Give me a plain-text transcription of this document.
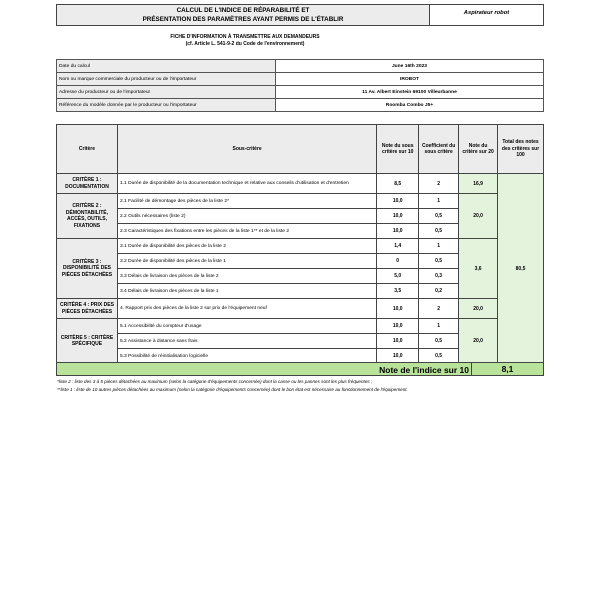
CALCUL DE L'INDICE DE RÉPARABILITÉ ET
PRÉSENTATION DES PARAMÈTRES AYANT PERMIS DE L'ÉTABLIR
Aspirateur robot
FICHE D'INFORMATION À TRANSMETTRE AUX DEMANDEURS
(cf. Article L. 541-9-2 du Code de l'environnement)
Date du calcul	June 16th 2023
Nom ou marque commerciale du producteur ou de l'importateur	IROBOT
Adresse du producteur ou de l'importateur	11 Av. Albert Einstein 69100 Villeurbanne
Référence du modèle donnée par le producteur ou l'importateur	Roomba Combo J5+
Critère	Sous-critère	Note du sous critère sur 10	Coefficient du sous critère	Note du critère sur 20	Total des notes des critères sur 100
CRITÈRE 1 : DOCUMENTATION	1.1 Durée de disponibilité de la documentation technique et relative aux conseils d'utilisation et d'entretien	8,5	2	16,9	80,5
CRITÈRE 2 : DÉMONTABILITÉ, ACCÈS, OUTILS, FIXATIONS	2.1 Facilité de démontage des pièces de la liste 2*	10,0	1	20,0	
	2.2 Outils nécessaires (liste 2)	10,0	0,5		
	2.3 Caractéristiques des fixations entre les pièces de la liste 1** et de la liste 2	10,0	0,5		
CRITÈRE 3 : DISPONIBILITÉ DES PIÈCES DÉTACHÉES	3.1 Durée de disponibilité des pièces de la liste 2	1,4	1	3,6	
	3.2 Durée de disponibilité des pièces de la liste 1	0	0,5		
	3.3 Délais de livraison des pièces de la liste 2	5,0	0,3		
	3.4 Délais de livraison des pièces de la liste 1	3,5	0,2		
CRITÈRE 4 : PRIX DES PIÈCES DÉTACHÉES	4. Rapport prix des pièces de la liste 2 sur prix de l'équipement neuf	10,0	2	20,0	
CRITÈRE 5 : CRITÈRE SPÉCIFIQUE	5.1 Accessibilité du compteur d'usage	10,0	1	20,0	
	5.2 Assistance à distance sans frais	10,0	0,5		
	5.3 Possibilité de réinitialisation logicielle	10,0	0,5		
Note de l'indice sur 10	8,1
*liste 2 : liste des 3 à 5 pièces détachées au maximum (selon la catégorie d'équipements concernée) dont la casse ou les pannes sont les plus fréquentes ;
**liste 1 : liste de 10 autres pièces détachées au maximum (selon la catégorie d'équipements concernée) dont le bon état est nécessaire au fonctionnement de l'équipement.
